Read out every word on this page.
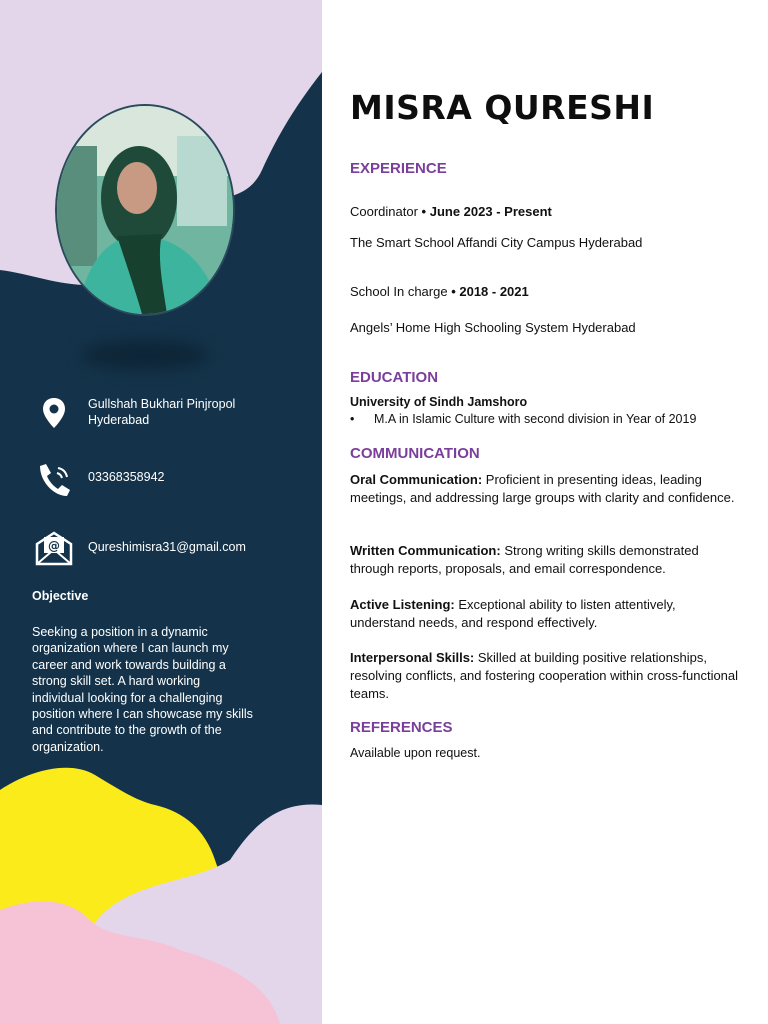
Gullshah Bukhari Pinjropol
Hyderabad
03368358942
@ Qureshimisra31@gmail.com
Objective
Seeking a position in a dynamic
organization where I can launch my
career and work towards building a
strong skill set. A hard working
individual looking for a challenging
position where I can showcase my skills
and contribute to the growth of the
organization.
MISRA QURESHI
EXPERIENCE
Coordinator • June 2023 - Present
The Smart School Affandi City Campus Hyderabad
School In charge • 2018 - 2021
Angels’ Home High Schooling System Hyderabad
EDUCATION
University of Sindh Jamshoro
•	M.A in Islamic Culture with second division in Year of 2019
COMMUNICATION
Oral Communication: Proficient in presenting ideas, leading meetings, and addressing large groups with clarity and confidence.
Written Communication: Strong writing skills demonstrated through reports, proposals, and email correspondence.
Active Listening: Exceptional ability to listen attentively, understand needs, and respond effectively.
Interpersonal Skills: Skilled at building positive relationships, resolving conflicts, and fostering cooperation within cross-functional teams.
REFERENCES
Available upon request.
